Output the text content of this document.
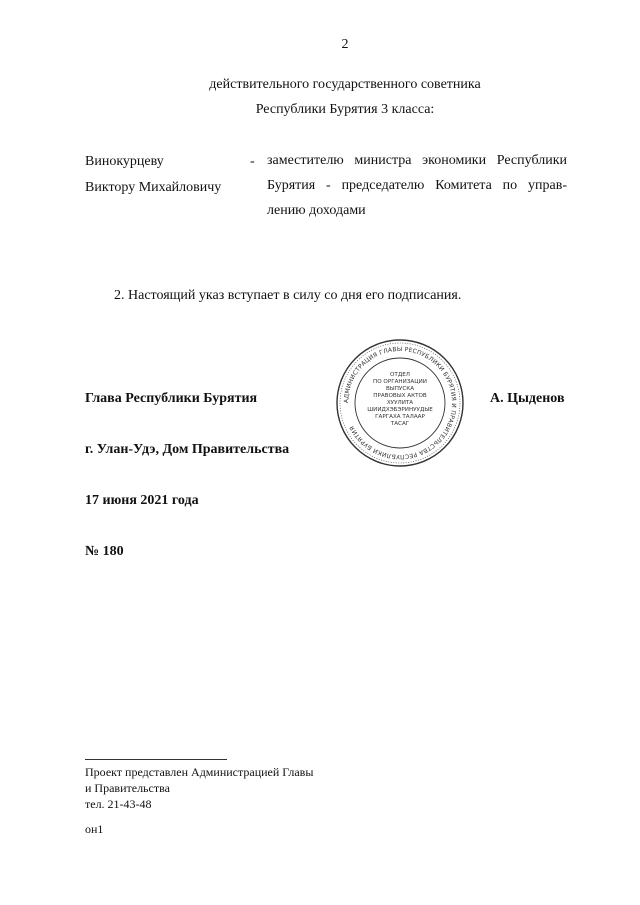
2
действительного государственного советника
Республики Бурятия 3 класса:
Винокурцеву
Виктору Михайловичу
- заместителю министра экономики Республики
Бурятия - председателю Комитета по управ-
лению доходами
2. Настоящий указ вступает в силу со дня его подписания.
Глава Республики Бурятия	А. Цыденов
АДМИНИСТРАЦИЯ ГЛАВЫ РЕСПУБЛИКИ БУРЯТИЯ И ПРАВИТЕЛЬСТВА РЕСПУБЛИКИ БУРЯТИЯ
ОТДЕЛ
ПО ОРГАНИЗАЦИИ
ВЫПУСКА
ПРАВОВЫХ АКТОВ
ХУУЛИТА
ШИИДХЭБЭРИНУУДЫЕ
ГАРГАХА ТАЛААР
ТАСАГ
г. Улан-Удэ, Дом Правительства
17 июня 2021 года
№ 180
Проект представлен Администрацией Главы
и Правительства
тел. 21-43-48
он1
